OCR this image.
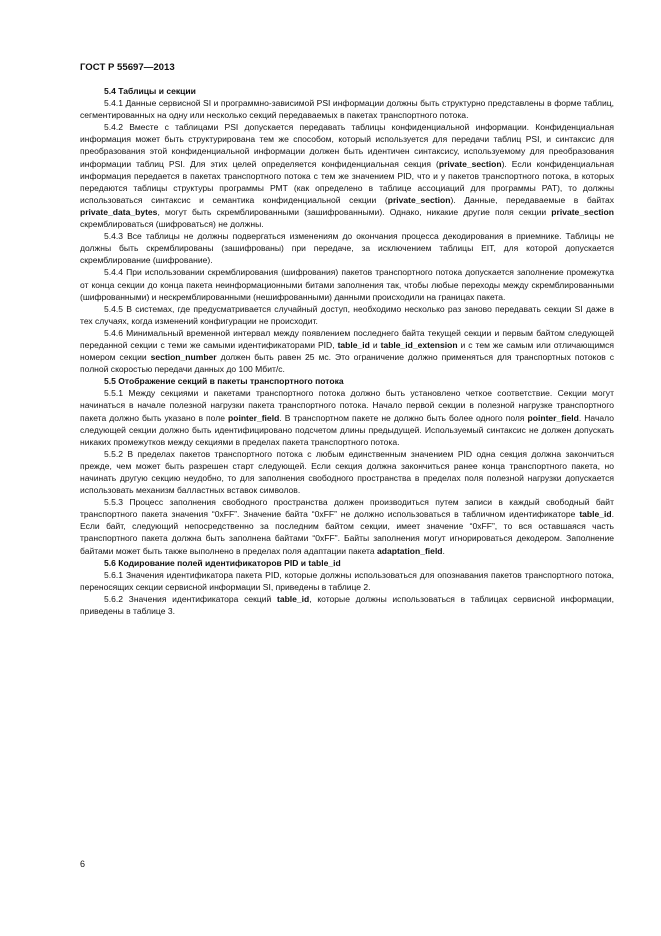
ГОСТ Р 55697—2013
5.4 Таблицы и секции

5.4.1 Данные сервисной SI и программно-зависимой PSI информации должны быть структурно представлены в форме таблиц, сегментированных на одну или несколько секций передаваемых в пакетах транспортного потока.

5.4.2 Вместе с таблицами PSI допускается передавать таблицы конфиденциальной информации. Конфиденциальная информация может быть структурирована тем же способом, который используется для передачи таблиц PSI, и синтаксис для преобразования этой конфиденциальной информации должен быть идентичен синтаксису, используемому для преобразования информации таблиц PSI. Для этих целей определяется конфиденциальная секция (private_section). Если конфиденциальная информация передается в пакетах транспортного потока с тем же значением PID, что и у пакетов транспортного потока, в которых передаются таблицы структуры программы РМТ (как определено в таблице ассоциаций для программы PAT), то должны использоваться синтаксис и семантика конфиденциальной секции (private_section). Данные, передаваемые в байтах private_data_bytes, могут быть скремблированными (зашифрованными). Однако, никакие другие поля секции private_section скремблироваться (шифроваться) не должны.

5.4.3 Все таблицы не должны подвергаться изменениям до окончания процесса декодирования в приемнике. Таблицы не должны быть скремблированы (зашифрованы) при передаче, за исключением таблицы EIT, для которой допускается скремблирование (шифрование).

5.4.4 При использовании скремблирования (шифрования) пакетов транспортного потока допускается заполнение промежутка от конца секции до конца пакета неинформационными битами заполнения так, чтобы любые переходы между скремблированными (шифрованными) и нескремблированными (нешифрованными) данными происходили на границах пакета.

5.4.5 В системах, где предусматривается случайный доступ, необходимо несколько раз заново передавать секции SI даже в тех случаях, когда изменений конфигурации не происходит.

5.4.6 Минимальный временной интервал между появлением последнего байта текущей секции и первым байтом следующей переданной секции с теми же самыми идентификаторами PID, table_id и table_id_extension и с тем же самым или отличающимся номером секции section_number должен быть равен 25 мс. Это ограничение должно применяться для транспортных потоков с полной скоростью передачи данных до 100 Мбит/с.

5.5 Отображение секций в пакеты транспортного потока

5.5.1 Между секциями и пакетами транспортного потока должно быть установлено четкое соответствие. Секции могут начинаться в начале полезной нагрузки пакета транспортного потока. Начало первой секции в полезной нагрузке транспортного пакета должно быть указано в поле pointer_field. В транспортном пакете не должно быть более одного поля pointer_field. Начало следующей секции должно быть идентифицировано подсчетом длины предыдущей. Используемый синтаксис не должен допускать никаких промежутков между секциями в пределах пакета транспортного потока.

5.5.2 В пределах пакетов транспортного потока с любым единственным значением PID одна секция должна закончиться прежде, чем может быть разрешен старт следующей. Если секция должна закончиться ранее конца транспортного пакета, но начинать другую секцию неудобно, то для заполнения свободного пространства в пределах поля полезной нагрузки допускается использовать механизм балластных вставок символов.

5.5.3 Процесс заполнения свободного пространства должен производиться путем записи в каждый свободный байт транспортного пакета значения “0xFF”. Значение байта “0xFF” не должно использоваться в табличном идентификаторе table_id. Если байт, следующий непосредственно за последним байтом секции, имеет значение “0xFF”, то вся оставшаяся часть транспортного пакета должна быть заполнена байтами “0xFF”. Байты заполнения могут игнорироваться декодером. Заполнение байтами может быть также выполнено в пределах поля адаптации пакета adaptation_field.

5.6 Кодирование полей идентификаторов PID и table_id

5.6.1 Значения идентификатора пакета PID, которые должны использоваться для опознавания пакетов транспортного потока, переносящих секции сервисной информации SI, приведены в таблице 2.

5.6.2 Значения идентификатора секций table_id, которые должны использоваться в таблицах сервисной информации, приведены в таблице 3.

6
